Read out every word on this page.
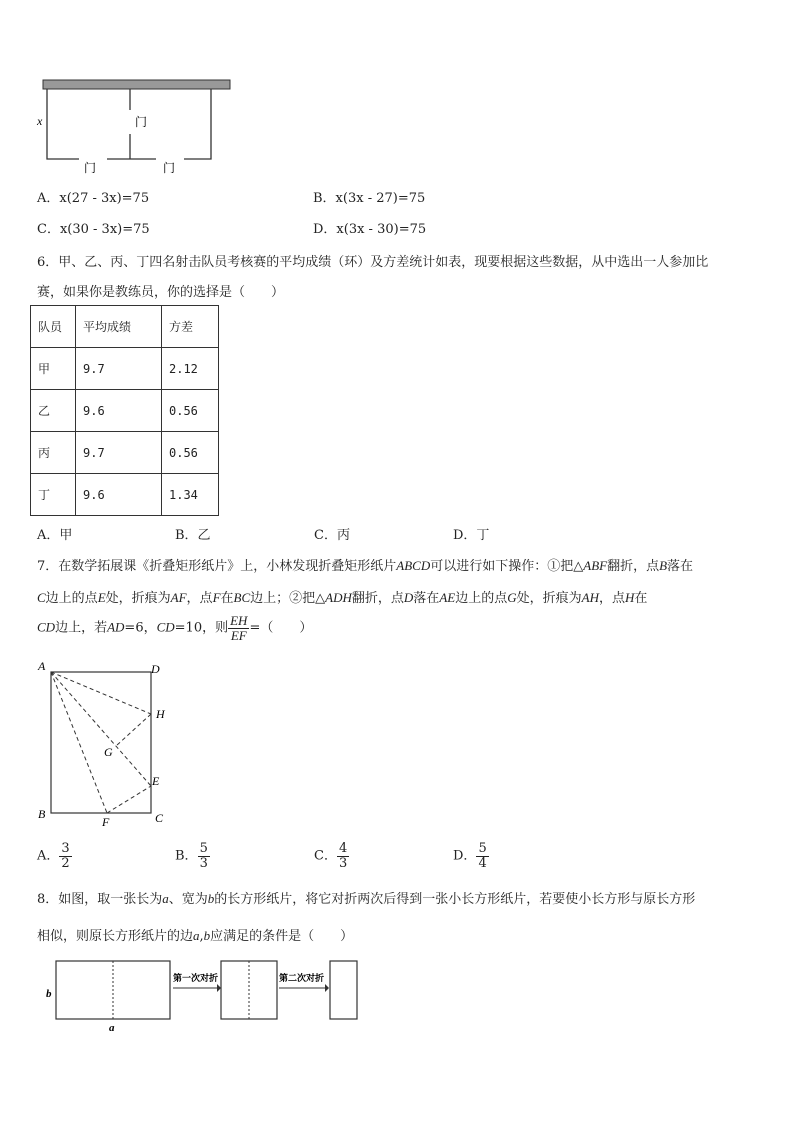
x	门
门	门
A．x(27 - 3x)=75	B．x(3x - 27)=75
C．x(30 - 3x)=75	D．x(3x - 30)=75
6．甲、乙、丙、丁四名射击队员考核赛的平均成绩（环）及方差统计如表，现要根据这些数据，从中选出一人参加比
赛，如果你是教练员，你的选择是（　　）
队员	平均成绩	方差
甲	9.7	2.12
乙	9.6	0.56
丙	9.7	0.56
丁	9.6	1.34
A．甲	B．乙	C．丙	D．丁
7．在数学拓展课《折叠矩形纸片》上，小林发现折叠矩形纸片ABCD可以进行如下操作：①把△ABF翻折，点B落在
C边上的点E处，折痕为AF，点F在BC边上；②把△ADH翻折，点D落在AE边上的点G处，折痕为AH，点H在
CD边上，若AD=6，CD=10，则 $\frac{EH}{EF}$ =（　　）
A	D
H
G
E
B
F	C
A． $\frac{3}{2}$	B． $\frac{5}{3}$	C． $\frac{4}{3}$	D． $\frac{5}{4}$
8．如图，取一张长为a、宽为b的长方形纸片，将它对折两次后得到一张小长方形纸片，若要使小长方形与原长方形
相似，则原长方形纸片的边a,b应满足的条件是（　　）
b
a
第一次对折	第二次对折
